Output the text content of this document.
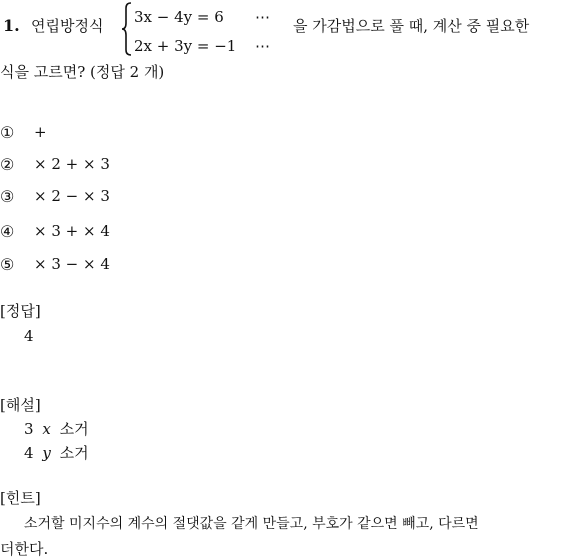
1. 연립방정식 3x − 4y = 6 ⋯
2x + 3y = −1 ⋯
을 가감법으로 풀 때, 계산 중 필요한
식을 고르면? (정답 2 개)
① +
② × 2 + × 3
③ × 2 − × 3
④ × 3 + × 4
⑤ × 3 − × 4
[정답]
4
[해설]
3 x 소거
4 y 소거
[힌트]
소거할 미지수의 계수의 절댓값을 같게 만들고, 부호가 같으면 빼고, 다르면
더한다.
